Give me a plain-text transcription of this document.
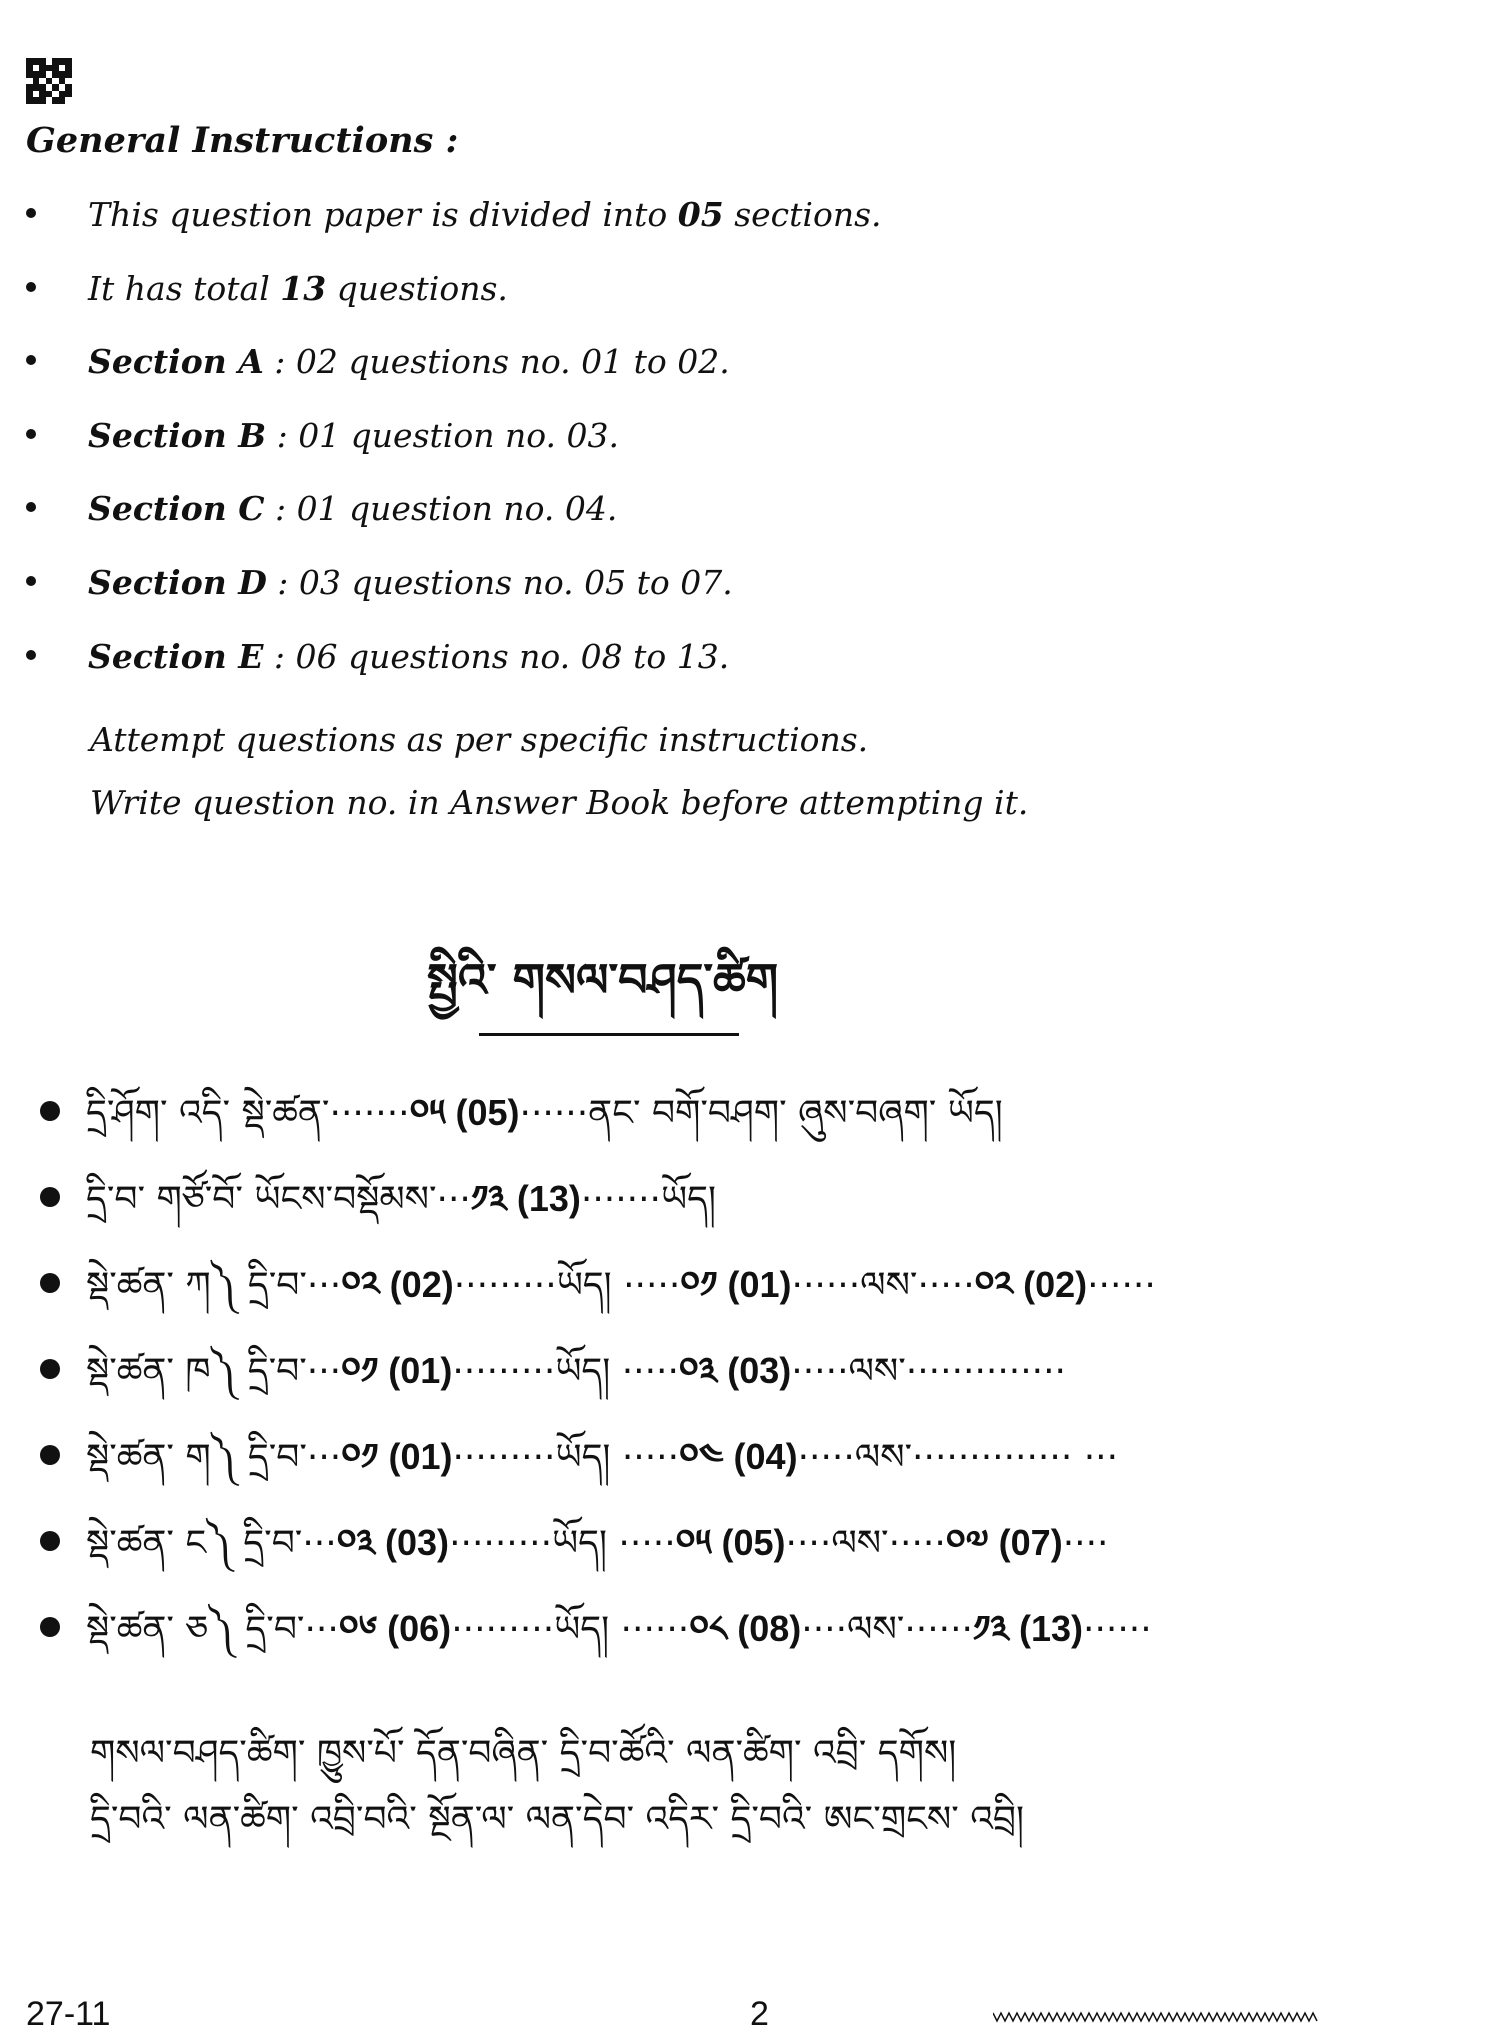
General Instructions :
This question paper is divided into 05 sections.
It has total 13 questions.
Section A : 02 questions no. 01 to 02.
Section B : 01 question no. 03.
Section C : 01 question no. 04.
Section D : 03 questions no. 05 to 07.
Section E : 06 questions no. 08 to 13.
Attempt questions as per specific instructions.
Write question no. in Answer Book before attempting it.
སྤྱིའི་ གསལ་བཤད་ཚིག
དྲི་ཤོག་ འདི་ སྡེ་ཚན་·······༠༥ (05)······ནང་ བགོ་བཤག་ ཞུས་བཞག་ ཡོད།
དྲི་བ་ གཙོ་བོ་ ཡོངས་བསྡོམས་···༡༣ (13)·······ཡོད།
སྡེ་ཚན་ ཀ༽ དྲི་བ་···༠༢ (02)·········ཡོད། ·····༠༡ (01)······ལས་·····༠༢ (02)······
སྡེ་ཚན་ ཁ༽ དྲི་བ་···༠༡ (01)·········ཡོད། ·····༠༣ (03)·····ལས་··············
སྡེ་ཚན་ ག༽ དྲི་བ་···༠༡ (01)·········ཡོད། ·····༠༤ (04)·····ལས་·············· ···
སྡེ་ཚན་ ང༽ དྲི་བ་···༠༣ (03)·········ཡོད། ·····༠༥ (05)····ལས་·····༠༧ (07)····
སྡེ་ཚན་ ཅ༽ དྲི་བ་···༠༦ (06)·········ཡོད། ······༠༨ (08)····ལས་······༡༣ (13)······
གསལ་བཤད་ཚིག་ ཁྱུས་པོ་ དོན་བཞིན་ དྲི་བ་ཚོའི་ ལན་ཚིག་ འབྲི་ དགོས།
དྲི་བའི་ ལན་ཚིག་ འབྲི་བའི་ སྔོན་ལ་ ལན་དེབ་ འདིར་ དྲི་བའི་ ཨང་གྲངས་ འབྲི།
27-11	2
